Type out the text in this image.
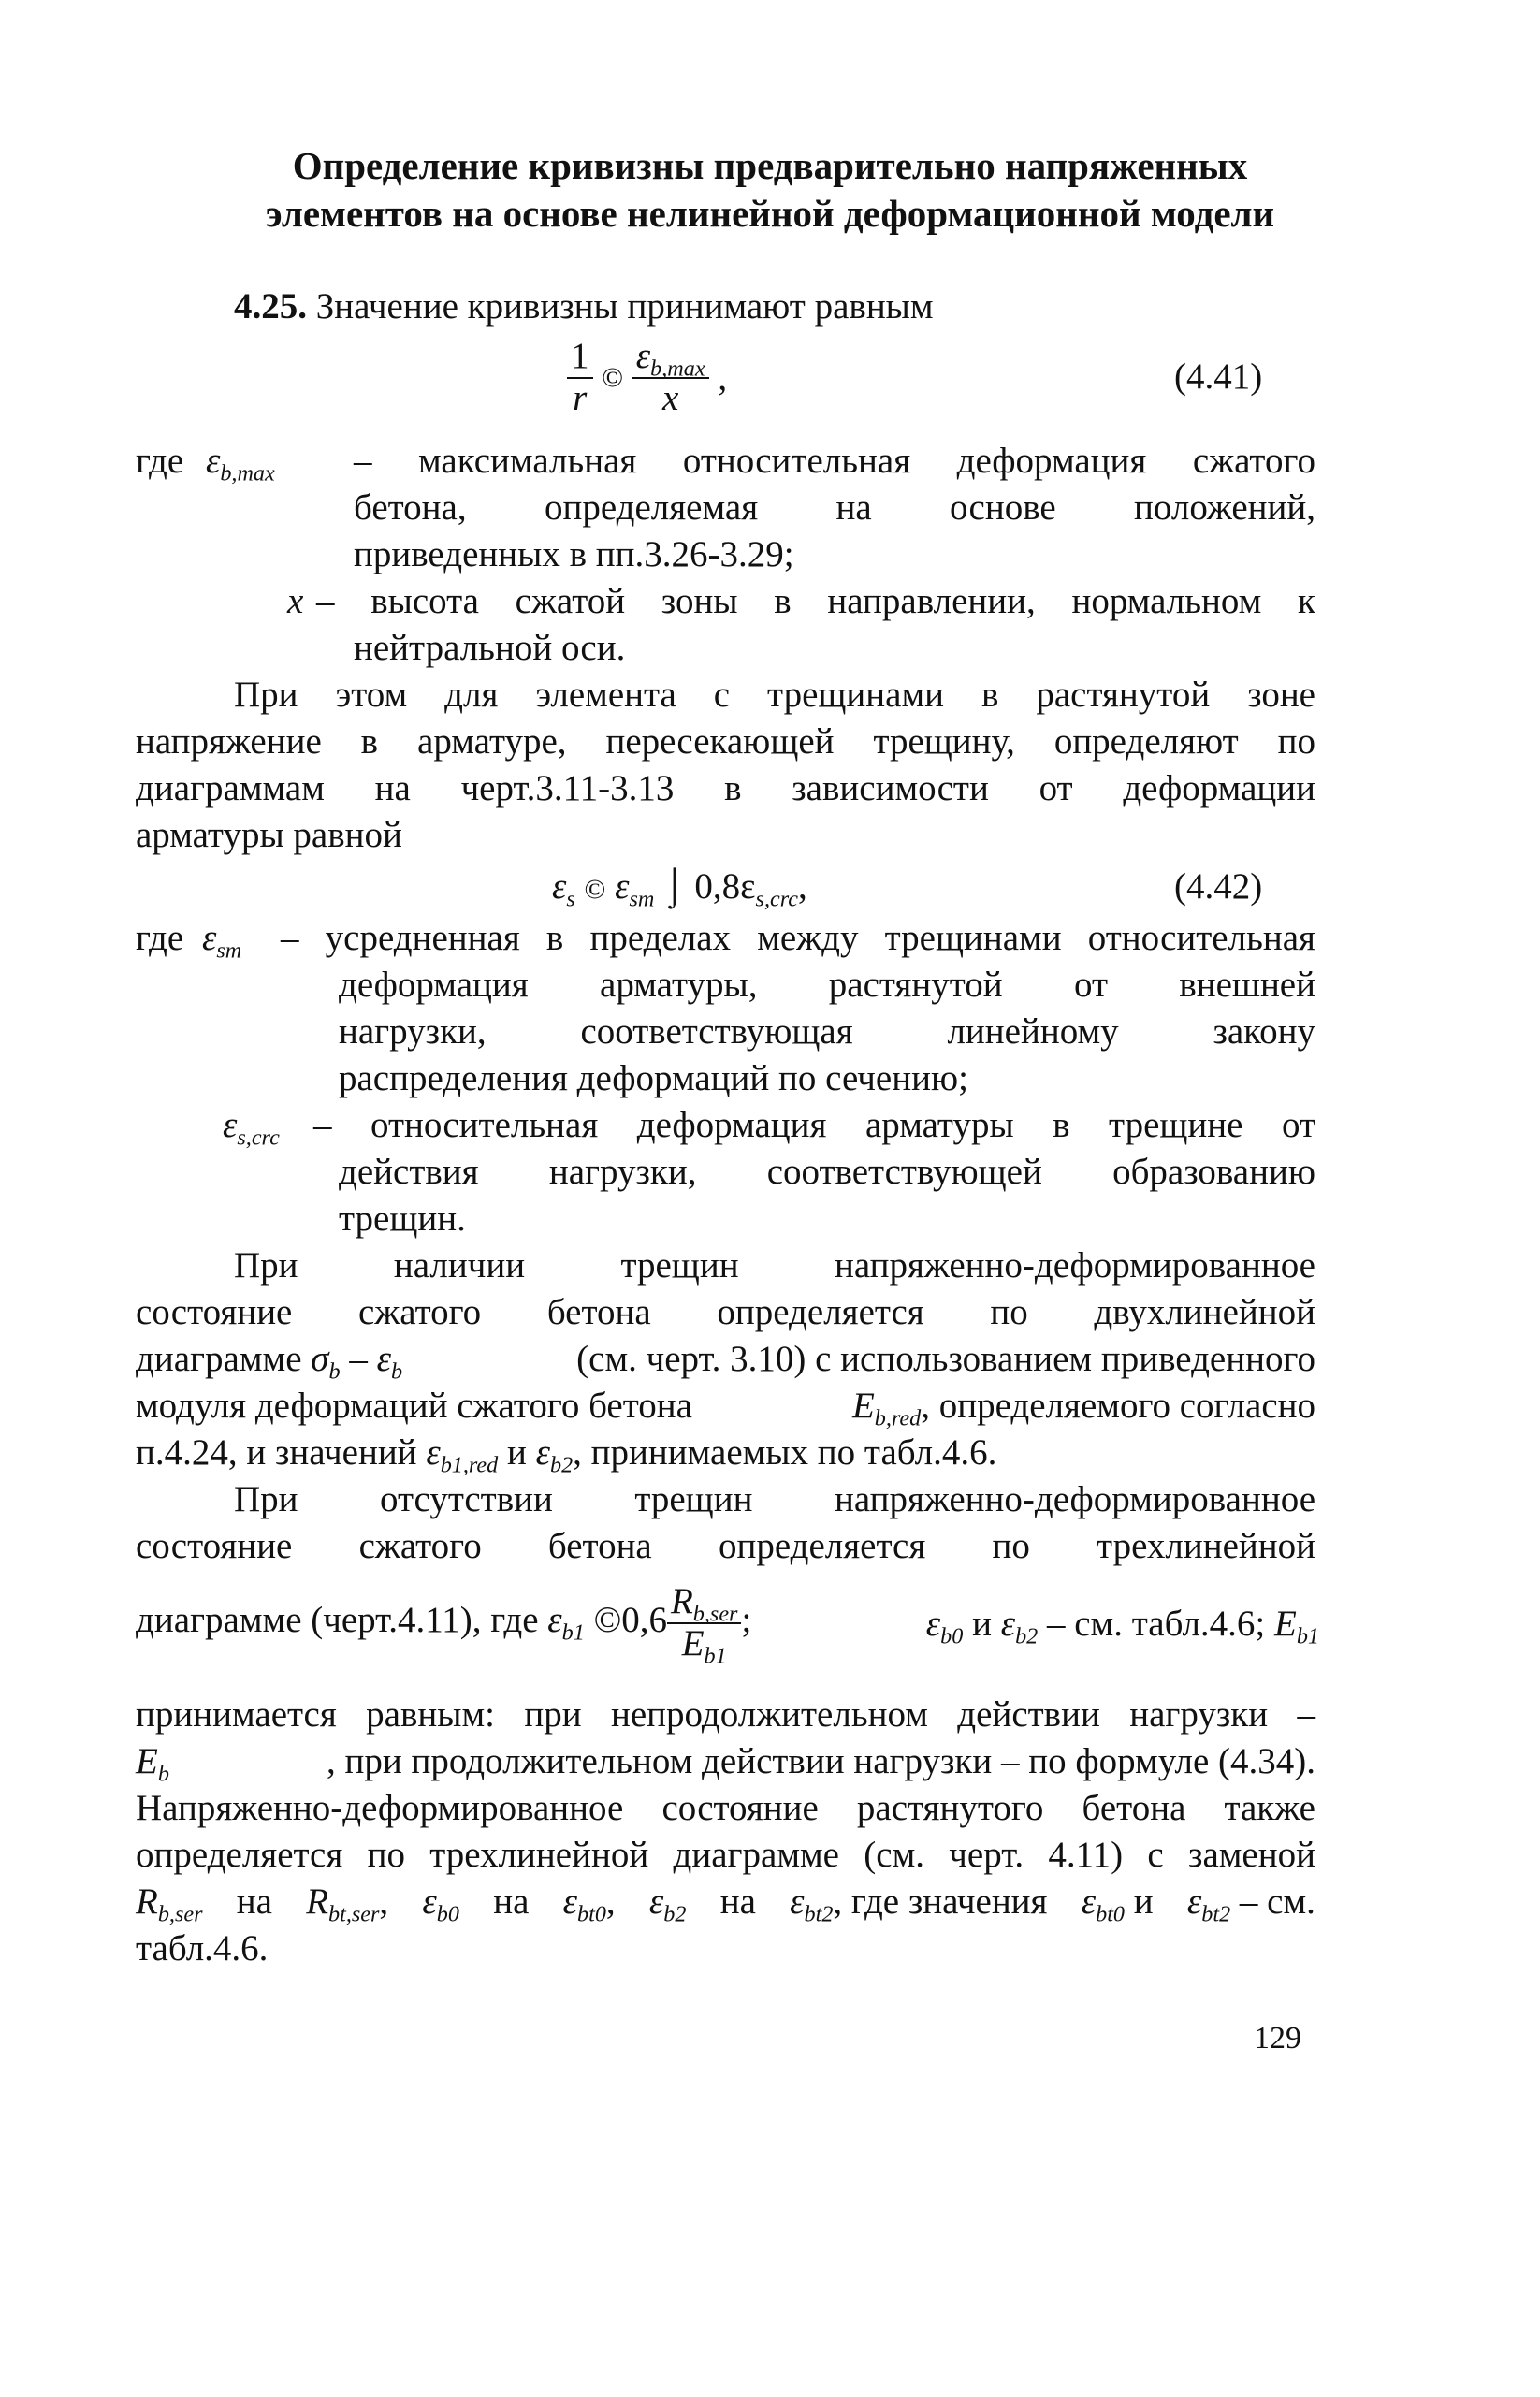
Определение кривизны предварительно напряженных
элементов на основе нелинейной деформационной модели
4.25. Значение кривизны принимают равным
$\frac{1}{r}$ © $\frac{\varepsilon_{b,max}}{x}$ ,	(4.41)
где $\varepsilon_{b,max}$ – максимальная относительная деформация сжатого
бетона, определяемая на основе положений,
приведенных в пп.3.26-3.29;
x – высота сжатой зоны в направлении, нормальном к
нейтральной оси.
При этом для элемента с трещинами в растянутой зоне
напряжение в арматуре, пересекающей трещину, определяют по
диаграммам на черт.3.11-3.13 в зависимости от деформации
арматуры равной
$\varepsilon_s$ © $\varepsilon_{sm}$ ⌡ $0,8\varepsilon_{s,crc}$,	(4.42)
где $\varepsilon_{sm}$ – усредненная в пределах между трещинами относительная
деформация арматуры, растянутой от внешней
нагрузки, соответствующая линейному закону
распределения деформаций по сечению;
$\varepsilon_{s,crc}$ – относительная деформация арматуры в трещине от
действия нагрузки, соответствующей образованию
трещин.
При наличии трещин напряженно-деформированное
состояние сжатого бетона определяется по двухлинейной
диаграмме $\sigma_b - \varepsilon_b$	(см. черт. 3.10) с использованием приведенного
модуля деформаций сжатого бетона	$E_{b,red}$, определяемого согласно
п.4.24, и значений $\varepsilon_{b1,red}$ и $\varepsilon_{b2}$, принимаемых по табл.4.6.
При отсутствии трещин напряженно-деформированное
состояние сжатого бетона определяется по трехлинейной
диаграмме (черт.4.11), где $\varepsilon_{b1}$ ©0,6 $\frac{R_{b,ser}}{E_{b1}}$ ;	$\varepsilon_{b0}$ и $\varepsilon_{b2}$ – см. табл.4.6; $E_{b1}$
принимается равным: при непродолжительном действии нагрузки –
$E_b$	, при продолжительном действии нагрузки – по формуле (4.34).
Напряженно-деформированное состояние растянутого бетона также
определяется по трехлинейной диаграмме (см. черт. 4.11) с заменой
$R_{b,ser}$ на $R_{bt,ser}$, $\varepsilon_{b0}$ на $\varepsilon_{bt0}$, $\varepsilon_{b2}$ на $\varepsilon_{bt2}$, где значения $\varepsilon_{bt0}$ и $\varepsilon_{bt2}$ – см.
табл.4.6.
129
